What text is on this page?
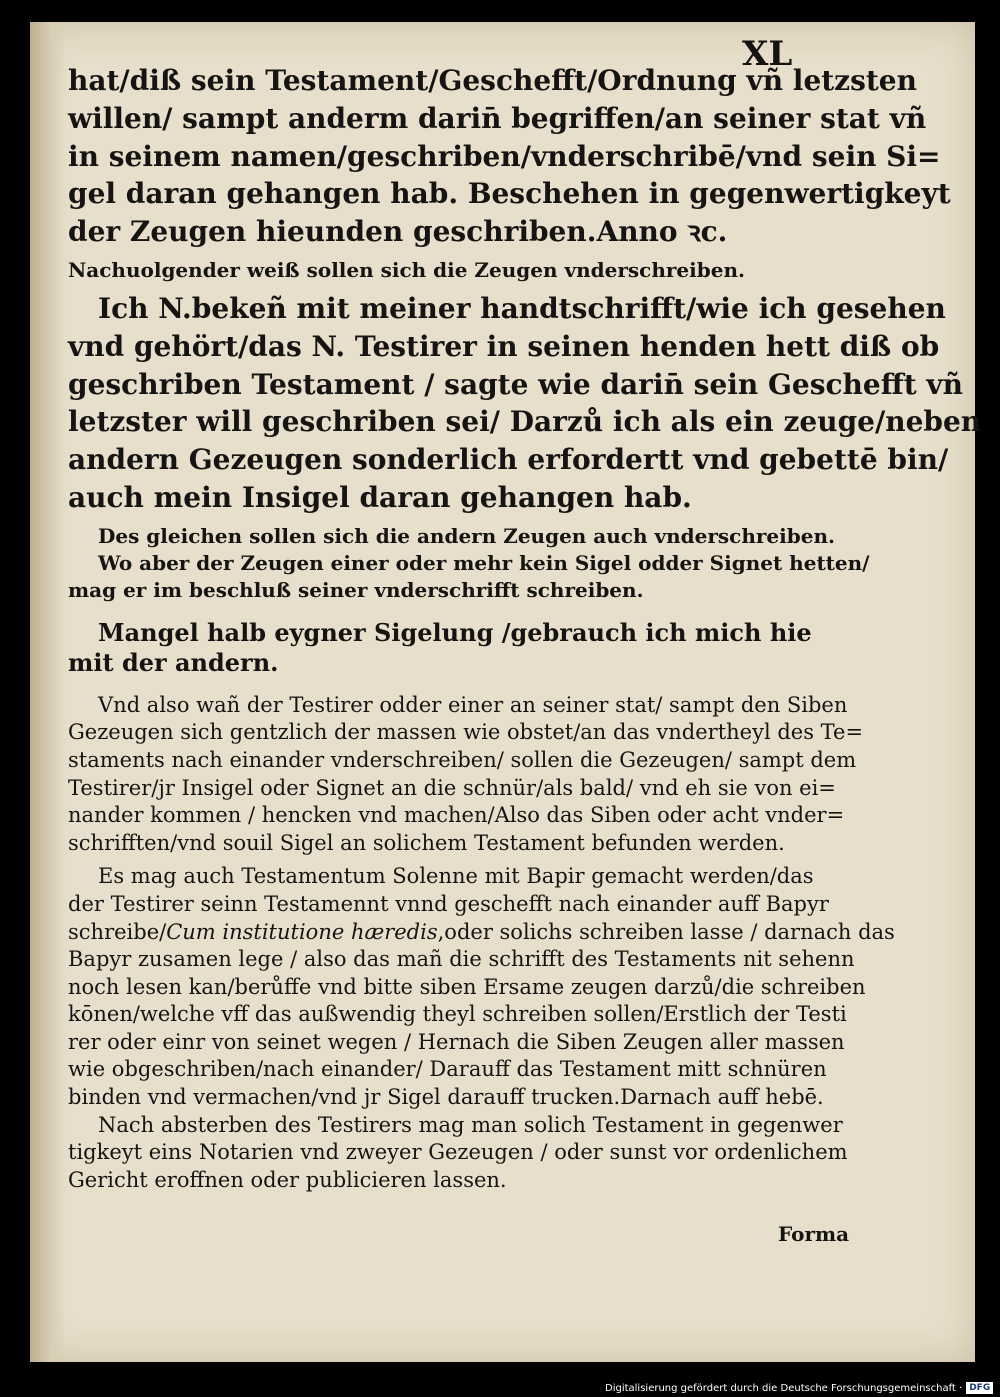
XL
hat/diß sein Testament/Geschefft/Ordnung vñ letzsten
willen/ sampt anderm darin̄ begriffen/an seiner stat vñ
in seinem namen/geschriben/vnderschribē/vnd sein Si=
gel daran gehangen hab. Beschehen in gegenwertigkeyt
der Zeugen hieunden geschriben.Anno ꝛc.
Nachuolgender weiß sollen sich die Zeugen vnderschreiben.
Ich N.bekeñ mit meiner handtschrifft/wie ich gesehen
vnd gehört/das N. Testirer in seinen henden hett diß ob
geschriben Testament / sagte wie darin̄ sein Geschefft vñ
letzster will geschriben sei/ Darzů ich als ein zeuge/neben
andern Gezeugen sonderlich erfordertt vnd gebettē bin/
auch mein Insigel daran gehangen hab.
Des gleichen sollen sich die andern Zeugen auch vnderschreiben.
Wo aber der Zeugen einer oder mehr kein Sigel odder Signet hetten/
mag er im beschluß seiner vnderschrifft schreiben.
Mangel halb eygner Sigelung /gebrauch ich mich hie
mit der andern.
Vnd also wañ der Testirer odder einer an seiner stat/ sampt den Siben
Gezeugen sich gentzlich der massen wie obstet/an das vndertheyl des Te=
staments nach einander vnderschreiben/ sollen die Gezeugen/ sampt dem
Testirer/jr Insigel oder Signet an die schnür/als bald/ vnd eh sie von ei=
nander kommen / hencken vnd machen/Also das Siben oder acht vnder=
schrifften/vnd souil Sigel an solichem Testament befunden werden.
Es mag auch Testamentum Solenne mit Bapir gemacht werden/das
der Testirer seinn Testamennt vnnd geschefft nach einander auff Bapyr
schreibe/Cum institutione hæredis,oder solichs schreiben lasse / darnach das
Bapyr zusamen lege / also das mañ die schrifft des Testaments nit sehenn
noch lesen kan/berůffe vnd bitte siben Ersame zeugen darzů/die schreiben
kōnen/welche vff das außwendig theyl schreiben sollen/Erstlich der Testi
rer oder einr von seinet wegen / Hernach die Siben Zeugen aller massen
wie obgeschriben/nach einander/ Darauff das Testament mitt schnüren
binden vnd vermachen/vnd jr Sigel darauff trucken.Darnach auff hebē.
Nach absterben des Testirers mag man solich Testament in gegenwer
tigkeyt eins Notarien vnd zweyer Gezeugen / oder sunst vor ordenlichem
Gericht eroffnen oder publicieren lassen.
Forma
Digitalisierung gefördert durch die Deutsche Forschungsgemeinschaft · DFG
